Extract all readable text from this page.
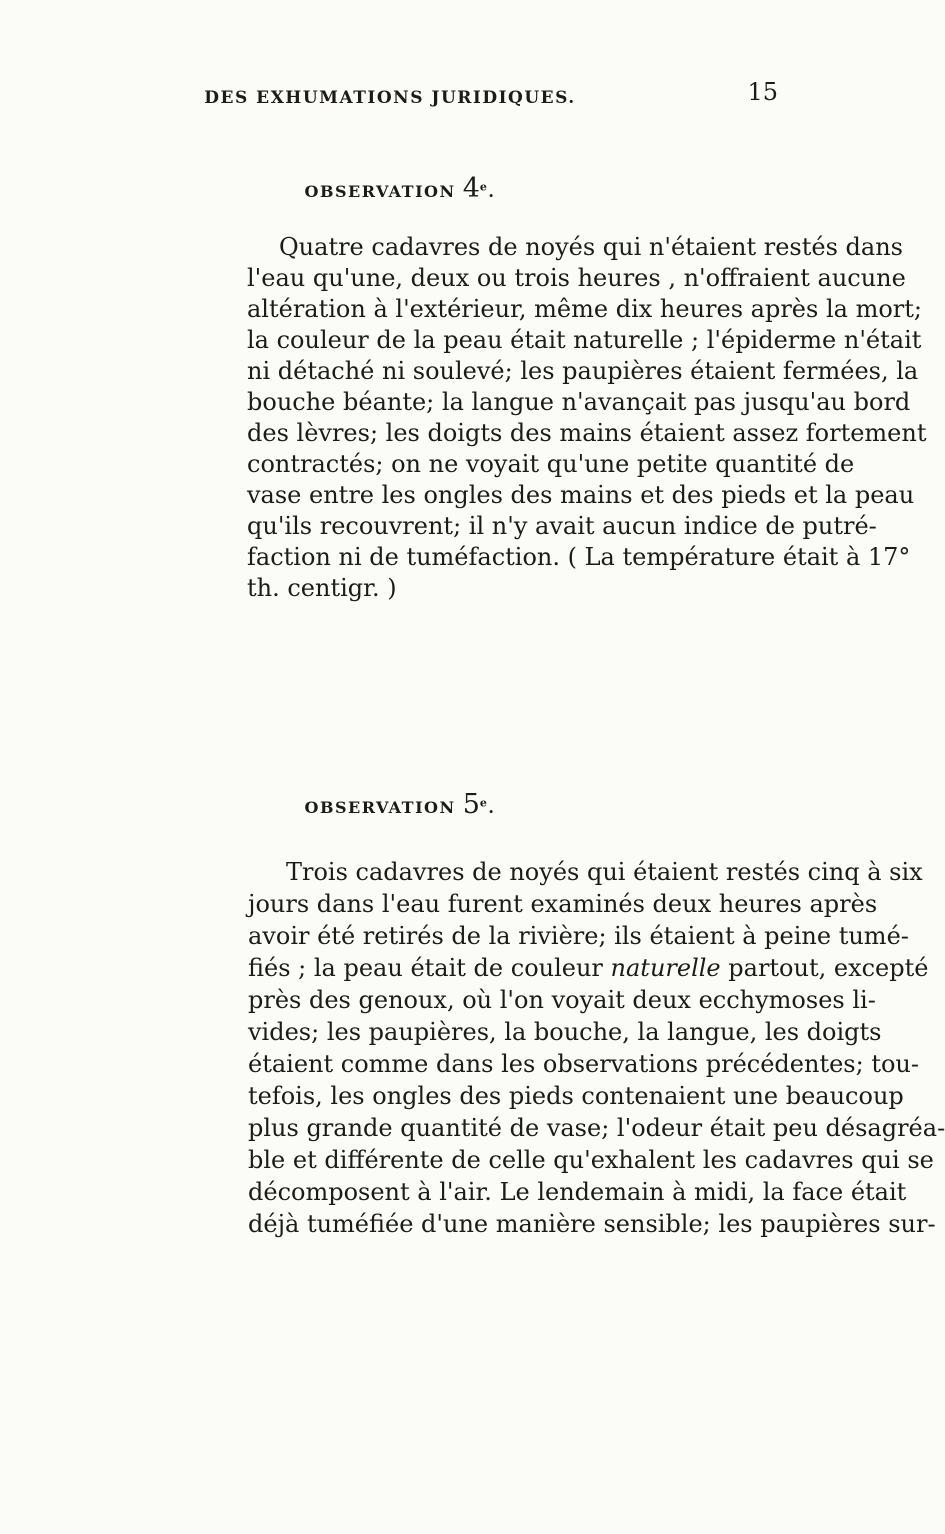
DES EXHUMATIONS JURIDIQUES.	15
OBSERVATION 4e.
Quatre cadavres de noyés qui n'étaient restés dans
l'eau qu'une, deux ou trois heures , n'offraient aucune
altération à l'extérieur, même dix heures après la mort;
la couleur de la peau était naturelle ; l'épiderme n'était
ni détaché ni soulevé; les paupières étaient fermées, la
bouche béante; la langue n'avançait pas jusqu'au bord
des lèvres; les doigts des mains étaient assez fortement
contractés; on ne voyait qu'une petite quantité de
vase entre les ongles des mains et des pieds et la peau
qu'ils recouvrent; il n'y avait aucun indice de putré-
faction ni de tuméfaction. ( La température était à 17°
th. centigr. )
OBSERVATION 5e.
Trois cadavres de noyés qui étaient restés cinq à six
jours dans l'eau furent examinés deux heures après
avoir été retirés de la rivière; ils étaient à peine tumé-
fiés ; la peau était de couleur naturelle partout, excepté
près des genoux, où l'on voyait deux ecchymoses li-
vides; les paupières, la bouche, la langue, les doigts
étaient comme dans les observations précédentes; tou-
tefois, les ongles des pieds contenaient une beaucoup
plus grande quantité de vase; l'odeur était peu désagréa-
ble et différente de celle qu'exhalent les cadavres qui se
décomposent à l'air. Le lendemain à midi, la face était
déjà tuméfiée d'une manière sensible; les paupières sur-
